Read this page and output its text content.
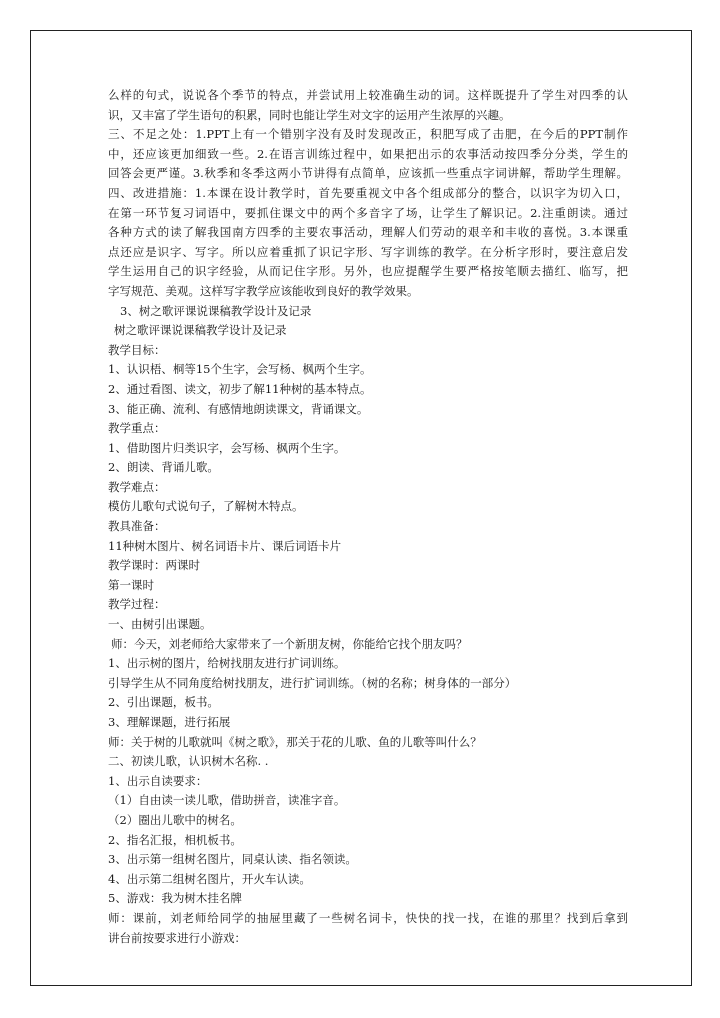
么样的句式，说说各个季节的特点，并尝试用上较准确生动的词。这样既提升了学生对四季的认
识，又丰富了学生语句的积累，同时也能让学生对文字的运用产生浓厚的兴趣。
三、不足之处：1.PPT上有一个错别字没有及时发现改正，积肥写成了击肥，在今后的PPT制作
中，还应该更加细致一些。2.在语言训练过程中，如果把出示的农事活动按四季分分类，学生的
回答会更严谨。3.秋季和冬季这两小节讲得有点简单，应该抓一些重点字词讲解，帮助学生理解。
四、改进措施：1.本课在设计教学时，首先要重视文中各个组成部分的整合，以识字为切入口，
在第一环节复习词语中，要抓住课文中的两个多音字了场，让学生了解识记。2.注重朗读。通过
各种方式的读了解我国南方四季的主要农事活动，理解人们劳动的艰辛和丰收的喜悦。3.本课重
点还应是识字、写字。所以应着重抓了识记字形、写字训练的教学。在分析字形时，要注意启发
学生运用自己的识字经验，从而记住字形。另外，也应提醒学生要严格按笔顺去描红、临写，把
字写规范、美观。这样写字教学应该能收到良好的教学效果。
3、树之歌评课说课稿教学设计及记录
树之歌评课说课稿教学设计及记录
教学目标：
1、认识梧、桐等15个生字，会写杨、枫两个生字。
2、通过看图、读文，初步了解11种树的基本特点。
3、能正确、流利、有感情地朗读课文，背诵课文。
教学重点：
1、借助图片归类识字，会写杨、枫两个生字。
2、朗读、背诵儿歌。
教学难点：
模仿儿歌句式说句子，了解树木特点。
教具准备：
11种树木图片、树名词语卡片、课后词语卡片
教学课时：两课时
第一课时
教学过程：
一、由树引出课题。
师：今天，刘老师给大家带来了一个新朋友树，你能给它找个朋友吗？
1、出示树的图片，给树找朋友进行扩词训练。
引导学生从不同角度给树找朋友，进行扩词训练。（树的名称；树身体的一部分）
2、引出课题，板书。
3、理解课题，进行拓展
师：关于树的儿歌就叫《树之歌》，那关于花的儿歌、鱼的儿歌等叫什么？
二、初读儿歌，认识树木名称. .
1、出示自读要求：
（1）自由读一读儿歌，借助拼音，读准字音。
（2）圈出儿歌中的树名。
2、指名汇报，相机板书。
3、出示第一组树名图片，同桌认读、指名领读。
4、出示第二组树名图片，开火车认读。
5、游戏：我为树木挂名牌
师：课前，刘老师给同学的抽屉里藏了一些树名词卡，快快的找一找，在谁的那里？找到后拿到
讲台前按要求进行小游戏：
